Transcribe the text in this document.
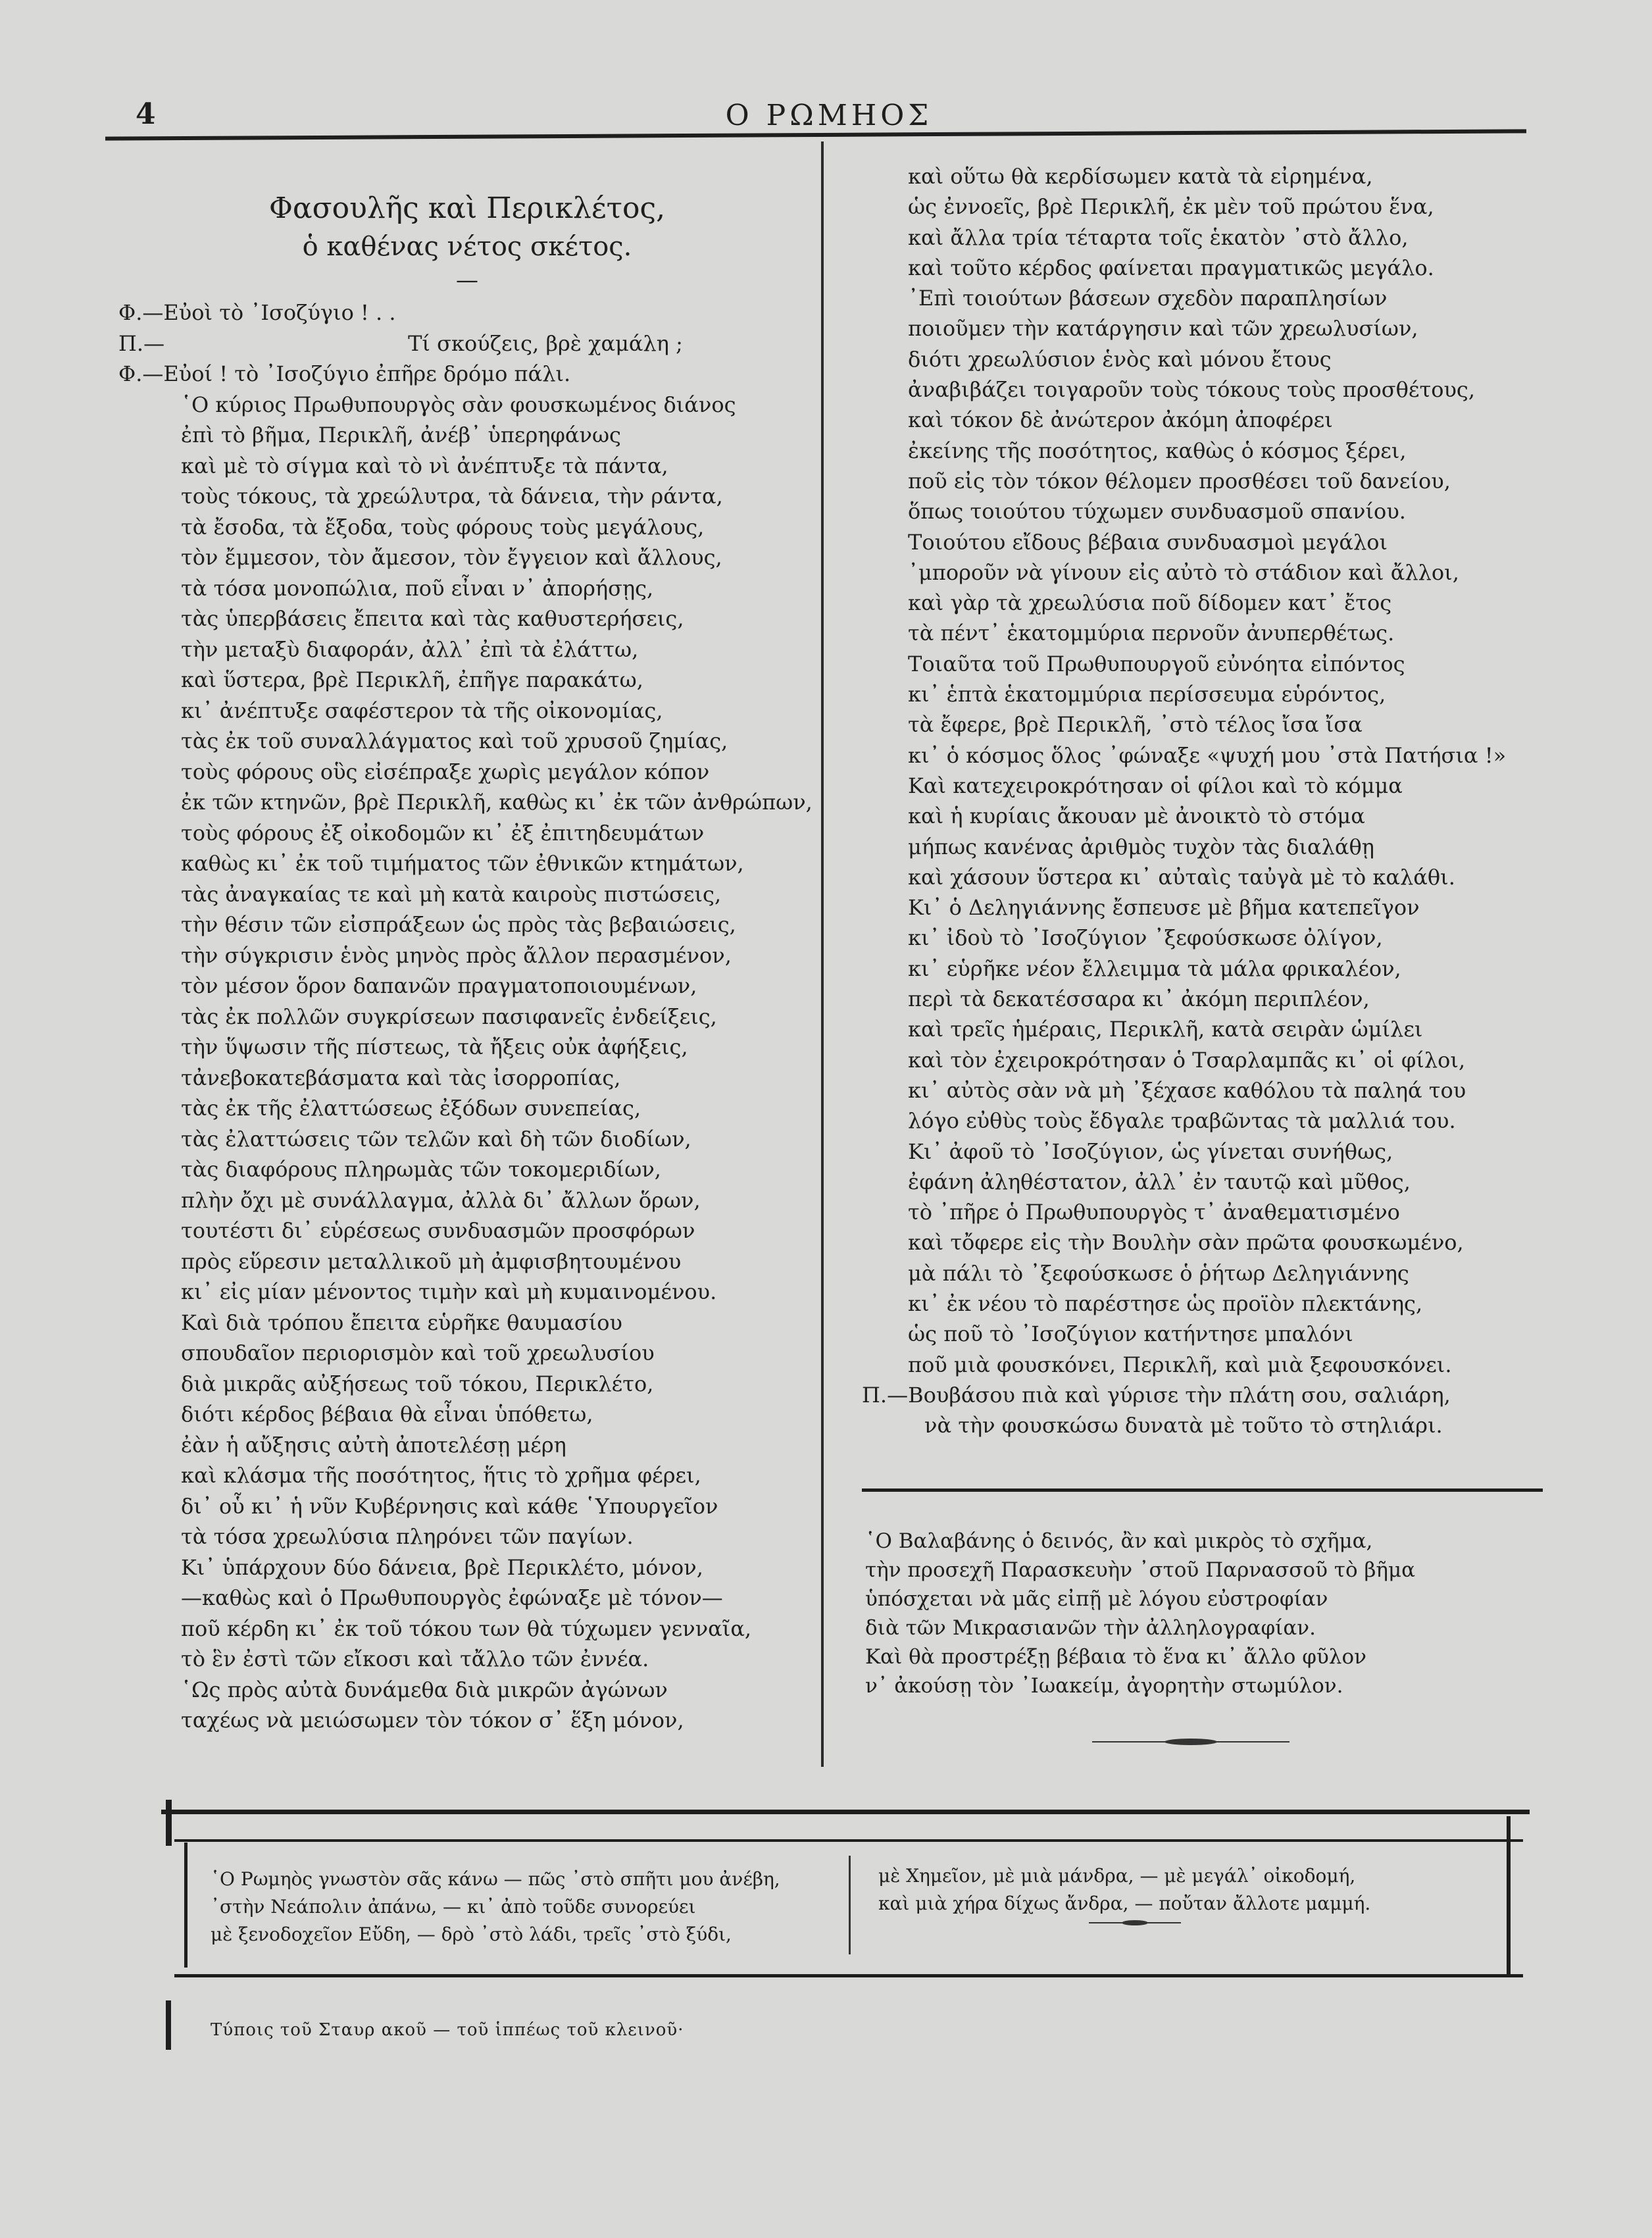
4	Ο ΡΩΜΗΟΣ
Φασουλῆς καὶ Περικλέτος,
ὁ καθένας νέτος σκέτος.
—
Φ.—Εὐοὶ τὸ ᾿Ισοζύγιο ! . .
Π.—	Τί σκούζεις, βρὲ χαμάλη ;
Φ.—Εὐοί ! τὸ ᾿Ισοζύγιο ἐπῆρε δρόμο πάλι.
῾Ο κύριος Πρωθυπουργὸς σὰν φουσκωμένος διάνος
ἐπὶ τὸ βῆμα, Περικλῆ, ἀνέβ᾿ ὑπερηφάνως
καὶ μὲ τὸ σίγμα καὶ τὸ νὶ ἀνέπτυξε τὰ πάντα,
τοὺς τόκους, τὰ χρεώλυτρα, τὰ δάνεια, τὴν ράντα,
τὰ ἔσοδα, τὰ ἔξοδα, τοὺς φόρους τοὺς μεγάλους,
τὸν ἔμμεσον, τὸν ἄμεσον, τὸν ἔγγειον καὶ ἄλλους,
τὰ τόσα μονοπώλια, ποῦ εἶναι ν᾿ ἀπορήσῃς,
τὰς ὑπερβάσεις ἔπειτα καὶ τὰς καθυστερήσεις,
τὴν μεταξὺ διαφοράν, ἀλλ᾿ ἐπὶ τὰ ἐλάττω,
καὶ ὕστερα, βρὲ Περικλῆ, ἐπῆγε παρακάτω,
κι᾿ ἀνέπτυξε σαφέστερον τὰ τῆς οἰκονομίας,
τὰς ἐκ τοῦ συναλλάγματος καὶ τοῦ χρυσοῦ ζημίας,
τοὺς φόρους οὓς εἰσέπραξε χωρὶς μεγάλον κόπον
ἐκ τῶν κτηνῶν, βρὲ Περικλῆ, καθὼς κι᾿ ἐκ τῶν ἀνθρώπων,
τοὺς φόρους ἐξ οἰκοδομῶν κι᾿ ἐξ ἐπιτηδευμάτων
καθὼς κι᾿ ἐκ τοῦ τιμήματος τῶν ἐθνικῶν κτημάτων,
τὰς ἀναγκαίας τε καὶ μὴ κατὰ καιροὺς πιστώσεις,
τὴν θέσιν τῶν εἰσπράξεων ὡς πρὸς τὰς βεβαιώσεις,
τὴν σύγκρισιν ἑνὸς μηνὸς πρὸς ἄλλον περασμένον,
τὸν μέσον ὅρον δαπανῶν πραγματοποιουμένων,
τὰς ἐκ πολλῶν συγκρίσεων πασιφανεῖς ἐνδείξεις,
τὴν ὕψωσιν τῆς πίστεως, τὰ ἤξεις οὐκ ἀφήξεις,
τἀνεβοκατεβάσματα καὶ τὰς ἰσορροπίας,
τὰς ἐκ τῆς ἐλαττώσεως ἐξόδων συνεπείας,
τὰς ἐλαττώσεις τῶν τελῶν καὶ δὴ τῶν διοδίων,
τὰς διαφόρους πληρωμὰς τῶν τοκομεριδίων,
πλὴν ὄχι μὲ συνάλλαγμα, ἀλλὰ δι᾿ ἄλλων ὅρων,
τουτέστι δι᾿ εὑρέσεως συνδυασμῶν προσφόρων
πρὸς εὕρεσιν μεταλλικοῦ μὴ ἀμφισβητουμένου
κι᾿ εἰς μίαν μένοντος τιμὴν καὶ μὴ κυμαινομένου.
Καὶ διὰ τρόπου ἔπειτα εὑρῆκε θαυμασίου
σπουδαῖον περιορισμὸν καὶ τοῦ χρεωλυσίου
διὰ μικρᾶς αὐξήσεως τοῦ τόκου, Περικλέτο,
διότι κέρδος βέβαια θὰ εἶναι ὑπόθετω,
ἐὰν ἡ αὔξησις αὐτὴ ἀποτελέσῃ μέρη
καὶ κλάσμα τῆς ποσότητος, ἥτις τὸ χρῆμα φέρει,
δι᾿ οὗ κι᾿ ἡ νῦν Κυβέρνησις καὶ κάθε ῾Υπουργεῖον
τὰ τόσα χρεωλύσια πληρόνει τῶν παγίων.
Κι᾿ ὑπάρχουν δύο δάνεια, βρὲ Περικλέτο, μόνον,
—καθὼς καὶ ὁ Πρωθυπουργὸς ἐφώναξε μὲ τόνον—
ποῦ κέρδη κι᾿ ἐκ τοῦ τόκου των θὰ τύχωμεν γενναῖα,
τὸ ἓν ἐστὶ τῶν εἴκοσι καὶ τἄλλο τῶν ἐννέα.
῾Ως πρὸς αὐτὰ δυνάμεθα διὰ μικρῶν ἀγώνων
ταχέως νὰ μειώσωμεν τὸν τόκον σ᾿ ἕξη μόνον,
καὶ οὕτω θὰ κερδίσωμεν κατὰ τὰ εἰρημένα,
ὡς ἐννοεῖς, βρὲ Περικλῆ, ἐκ μὲν τοῦ πρώτου ἕνα,
καὶ ἄλλα τρία τέταρτα τοῖς ἑκατὸν ᾿στὸ ἄλλο,
καὶ τοῦτο κέρδος φαίνεται πραγματικῶς μεγάλο.
᾿Επὶ τοιούτων βάσεων σχεδὸν παραπλησίων
ποιοῦμεν τὴν κατάργησιν καὶ τῶν χρεωλυσίων,
διότι χρεωλύσιον ἑνὸς καὶ μόνου ἔτους
ἀναβιβάζει τοιγαροῦν τοὺς τόκους τοὺς προσθέτους,
καὶ τόκον δὲ ἀνώτερον ἀκόμη ἀποφέρει
ἐκείνης τῆς ποσότητος, καθὼς ὁ κόσμος ξέρει,
ποῦ εἰς τὸν τόκον θέλομεν προσθέσει τοῦ δανείου,
ὅπως τοιούτου τύχωμεν συνδυασμοῦ σπανίου.
Τοιούτου εἴδους βέβαια συνδυασμοὶ μεγάλοι
᾿μποροῦν νὰ γίνουν εἰς αὐτὸ τὸ στάδιον καὶ ἄλλοι,
καὶ γὰρ τὰ χρεωλύσια ποῦ δίδομεν κατ᾿ ἔτος
τὰ πέντ᾿ ἑκατομμύρια περνοῦν ἀνυπερθέτως.
Τοιαῦτα τοῦ Πρωθυπουργοῦ εὐνόητα εἰπόντος
κι᾿ ἑπτὰ ἑκατομμύρια περίσσευμα εὑρόντος,
τὰ ἔφερε, βρὲ Περικλῆ, ᾿στὸ τέλος ἴσα ἴσα
κι᾿ ὁ κόσμος ὅλος ᾿φώναξε «ψυχή μου ᾿στὰ Πατήσια !»
Καὶ κατεχειροκρότησαν οἱ φίλοι καὶ τὸ κόμμα
καὶ ἡ κυρίαις ἄκουαν μὲ ἀνοικτὸ τὸ στόμα
μήπως κανένας ἀριθμὸς τυχὸν τὰς διαλάθῃ
καὶ χάσουν ὕστερα κι᾿ αὐταὶς ταὐγὰ μὲ τὸ καλάθι.
Κι᾿ ὁ Δεληγιάννης ἔσπευσε μὲ βῆμα κατεπεῖγον
κι᾿ ἰδοὺ τὸ ᾿Ισοζύγιον ᾿ξεφούσκωσε ὀλίγον,
κι᾿ εὑρῆκε νέον ἔλλειμμα τὰ μάλα φρικαλέον,
περὶ τὰ δεκατέσσαρα κι᾿ ἀκόμη περιπλέον,
καὶ τρεῖς ἡμέραις, Περικλῆ, κατὰ σειρὰν ὡμίλει
καὶ τὸν ἐχειροκρότησαν ὁ Τσαρλαμπᾶς κι᾿ οἱ φίλοι,
κι᾿ αὐτὸς σὰν νὰ μὴ ᾿ξέχασε καθόλου τὰ παληά του
λόγο εὐθὺς τοὺς ἔδγαλε τραβῶντας τὰ μαλλιά του.
Κι᾿ ἀφοῦ τὸ ᾿Ισοζύγιον, ὡς γίνεται συνήθως,
ἐφάνη ἀληθέστατον, ἀλλ᾿ ἐν ταυτῷ καὶ μῦθος,
τὸ ᾿πῆρε ὁ Πρωθυπουργὸς τ᾿ ἀναθεματισμένο
καὶ τὄφερε εἰς τὴν Βουλὴν σὰν πρῶτα φουσκωμένο,
μὰ πάλι τὸ ᾿ξεφούσκωσε ὁ ῥήτωρ Δεληγιάννης
κι᾿ ἐκ νέου τὸ παρέστησε ὡς προϊὸν πλεκτάνης,
ὡς ποῦ τὸ ᾿Ισοζύγιον κατήντησε μπαλόνι
ποῦ μιὰ φουσκόνει, Περικλῆ, καὶ μιὰ ξεφουσκόνει.
Π.—Βουβάσου πιὰ καὶ γύρισε τὴν πλάτη σου, σαλιάρη,
νὰ τὴν φουσκώσω δυνατὰ μὲ τοῦτο τὸ στηλιάρι.
῾Ο Βαλαβάνης ὁ δεινός, ἂν καὶ μικρὸς τὸ σχῆμα,
τὴν προσεχῆ Παρασκευὴν ᾿στοῦ Παρνασσοῦ τὸ βῆμα
ὑπόσχεται νὰ μᾶς εἰπῇ μὲ λόγου εὐστροφίαν
διὰ τῶν Μικρασιανῶν τὴν ἀλληλογραφίαν.
Καὶ θὰ προστρέξῃ βέβαια τὸ ἕνα κι᾿ ἄλλο φῦλον
ν᾿ ἀκούσῃ τὸν ᾿Ιωακείμ, ἀγορητὴν στωμύλον.
῾Ο Ρωμηὸς γνωστὸν σᾶς κάνω — πῶς ᾿στὸ σπῆτι μου ἀνέβη,
᾿στὴν Νεάπολιν ἀπάνω, — κι᾿ ἀπὸ τοῦδε συνορεύει
μὲ ξενοδοχεῖον Εὔδη, — δρὸ ᾿στὸ λάδι, τρεῖς ᾿στὸ ξύδι,
μὲ Χημεῖον, μὲ μιὰ μάνδρα, — μὲ μεγάλ᾿ οἰκοδομή,
καὶ μιὰ χήρα δίχως ἄνδρα, — ποὔταν ἄλλοτε μαμμή.
Τύποις τοῦ Σταυρ ακοῦ — τοῦ ἱππέως τοῦ κλεινοῦ·
